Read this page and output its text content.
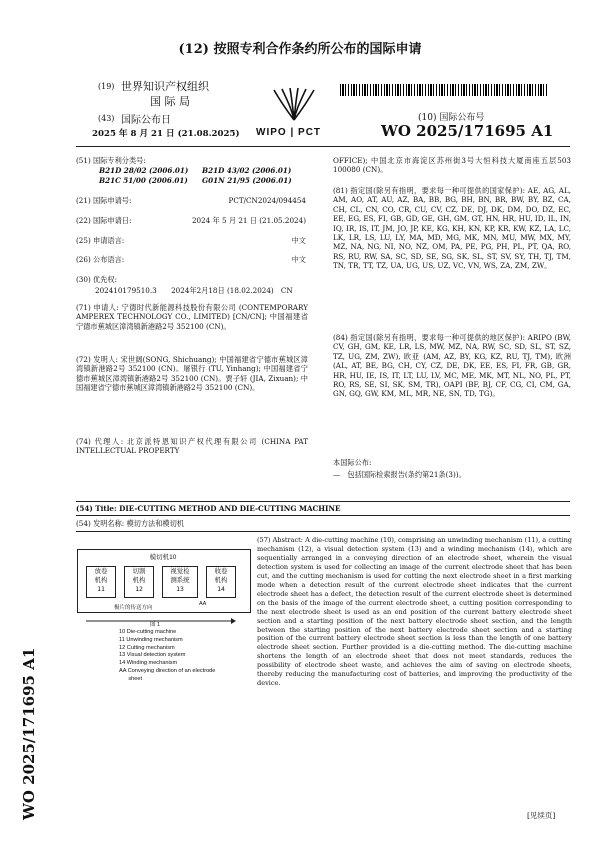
(12) 按照专利合作条约所公布的国际申请
(19) 世界知识产权组织
国 际 局
(43) 国际公布日
2025 年 8 月 21 日 (21.08.2025) WIPO | PCT
(10) 国际公布号
WO 2025/171695 A1
(51) 国际专利分类号:
B21D 28/02 (2006.01) B21D 43/02 (2006.01)
B21C 51/00 (2006.01) G01N 21/95 (2006.01)
(21) 国际申请号:	PCT/CN2024/094454
(22) 国际申请日:	2024 年 5 月 21 日 (21.05.2024)
(25) 申请语言:	中文
(26) 公布语言:	中文
(30) 优先权:
202410179510.3　　2024年2月18日 (18.02.2024)　CN
(71) 申请人: 宁德时代新能源科技股份有限公司 (CONTEMPORARY AMPEREX TECHNOLOGY CO., LIMITED) [CN/CN]; 中国福建省宁德市蕉城区漳湾镇新港路2号 352100 (CN)。
(72) 发明人: 宋世阔(SONG, Shichuang); 中国福建省宁德市蕉城区漳湾镇新港路2号 352100 (CN)。屠银行 (TU, Yinhang); 中国福建省宁德市蕉城区漳湾镇新港路2号 352100 (CN)。贾子轩 (JIA, Zixuan); 中国福建省宁德市蕉城区漳湾镇新港路2号 352100 (CN)。
(74) 代理人: 北京派特恩知识产权代理有限公司 (CHINA PAT INTELLECTUAL PROPERTY
OFFICE); 中国北京市海淀区苏州街3号大恒科技大厦南座五层503 100080 (CN)。
(81) 指定国(除另有指明，要求每一种可提供的国家保护): AE, AG, AL, AM, AO, AT, AU, AZ, BA, BB, BG, BH, BN, BR, BW, BY, BZ, CA, CH, CL, CN, CO, CR, CU, CV, CZ, DE, DJ, DK, DM, DO, DZ, EC, EE, EG, ES, FI, GB, GD, GE, GH, GM, GT, HN, HR, HU, ID, IL, IN, IQ, IR, IS, IT, JM, JO, JP, KE, KG, KH, KN, KP, KR, KW, KZ, LA, LC, LK, LR, LS, LU, LY, MA, MD, MG, MK, MN, MU, MW, MX, MY, MZ, NA, NG, NI, NO, NZ, OM, PA, PE, PG, PH, PL, PT, QA, RO, RS, RU, RW, SA, SC, SD, SE, SG, SK, SL, ST, SV, SY, TH, TJ, TM, TN, TR, TT, TZ, UA, UG, US, UZ, VC, VN, WS, ZA, ZM, ZW。
(84) 指定国(除另有指明，要求每一种可提供的地区保护): ARIPO (BW, CV, GH, GM, KE, LR, LS, MW, MZ, NA, RW, SC, SD, SL, ST, SZ, TZ, UG, ZM, ZW), 欧亚 (AM, AZ, BY, KG, KZ, RU, TJ, TM), 欧洲 (AL, AT, BE, BG, CH, CY, CZ, DE, DK, EE, ES, FI, FR, GB, GR, HR, HU, IE, IS, IT, LT, LU, LV, MC, ME, MK, MT, NL, NO, PL, PT, RO, RS, SE, SI, SK, SM, TR), OAPI (BF, BJ, CF, CG, CI, CM, GA, GN, GQ, GW, KM, ML, MR, NE, SN, TD, TG)。
本国际公布:
—　包括国际检索报告(条约第21条(3))。
(54) Title: DIE-CUTTING METHOD AND DIE-CUTTING MACHINE
(54) 发明名称: 模切方法和模切机
模切机10
放卷
机构
11
切割
机构
12
视觉检
测系统
13
收卷
机构
14
极片的传送方向
AA
图 1
10 Die-cutting machine
11 Unwinding mechanism
12 Cutting mechanism
13 Visual detection system
14 Winding mechanism
AA Conveying direction of an electrode
sheet
(57) Abstract: A die-cutting machine (10), comprising an unwinding mechanism (11), a cutting mechanism (12), a visual detection system (13) and a winding mechanism (14), which are sequentially arranged in a conveying direction of an electrode sheet, wherein the visual detection system is used for collecting an image of the current electrode sheet that has been cut, and the cutting mechanism is used for cutting the next electrode sheet in a first marking mode when a detection result of the current electrode sheet indicates that the current electrode sheet has a defect, the detection result of the current electrode sheet is determined on the basis of the image of the current electrode sheet, a cutting position corresponding to the next electrode sheet is used as an end position of the current battery electrode sheet section and a starting position of the next battery electrode sheet section, and the length between the starting position of the next battery electrode sheet section and a starting position of the current battery electrode sheet section is less than the length of one battery electrode sheet section. Further provided is a die-cutting method. The die-cutting machine shortens the length of an electrode sheet that does not meet standards, reduces the possibility of electrode sheet waste, and achieves the aim of saving on electrode sheets, thereby reducing the manufacturing cost of batteries, and improving the productivity of the device.
WO 2025/171695 A1	[见续页]
